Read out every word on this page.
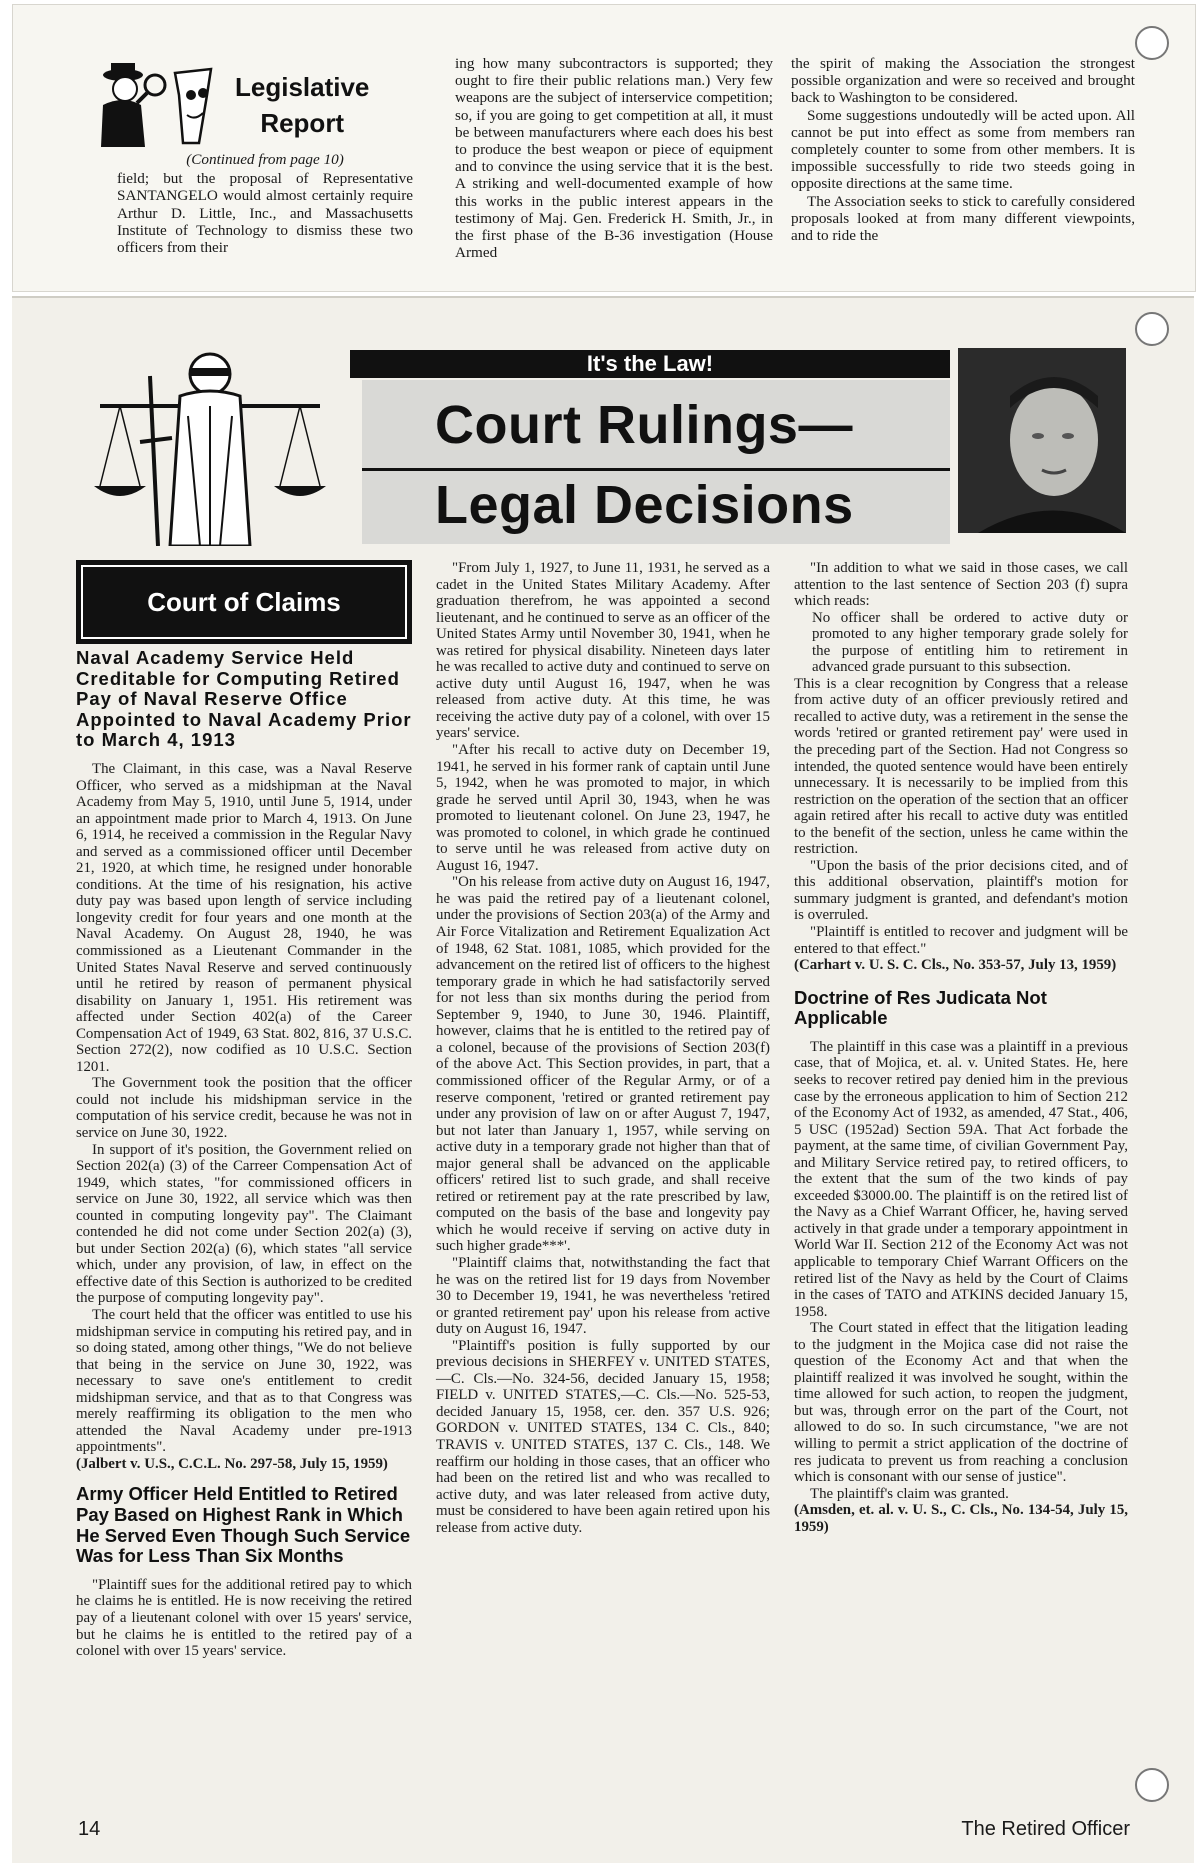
Legislative
Report
(Continued from page 10)
field; but the proposal of Representative SANTANGELO would almost certainly require Arthur D. Little, Inc., and Massachusetts Institute of Technology to dismiss these two officers from their
ing how many subcontractors is supported; they ought to fire their public relations man.) Very few weapons are the subject of interservice competition; so, if you are going to get competition at all, it must be between manufacturers where each does his best to produce the best weapon or piece of equipment and to convince the using service that it is the best. A striking and well-documented example of how this works in the public interest appears in the testimony of Maj. Gen. Frederick H. Smith, Jr., in the first phase of the B-36 investigation (House Armed
the spirit of making the Association the strongest possible organization and were so received and brought back to Washington to be considered.
Some suggestions undoutedly will be acted upon. All cannot be put into effect as some from members ran completely counter to some from other members. It is impossible successfully to ride two steeds going in opposite directions at the same time.
The Association seeks to stick to carefully considered proposals looked at from many different viewpoints, and to ride the
It's the Law!
Court Rulings—
Legal Decisions
Court of Claims
Naval Academy Service Held Creditable for Computing Retired Pay of Naval Reserve Office Appointed to Naval Academy Prior to March 4, 1913

The Claimant, in this case, was a Naval Reserve Officer, who served as a midshipman at the Naval Academy from May 5, 1910, until June 5, 1914, under an appointment made prior to March 4, 1913. On June 6, 1914, he received a commission in the Regular Navy and served as a commissioned officer until December 21, 1920, at which time, he resigned under honorable conditions. At the time of his resignation, his active duty pay was based upon length of service including longevity credit for four years and one month at the Naval Academy. On August 28, 1940, he was commissioned as a Lieutenant Commander in the United States Naval Reserve and served continuously until he retired by reason of permanent physical disability on January 1, 1951. His retirement was affected under Section 402(a) of the Career Compensation Act of 1949, 63 Stat. 802, 816, 37 U.S.C. Section 272(2), now codified as 10 U.S.C. Section 1201.

The Government took the position that the officer could not include his midshipman service in the computation of his service credit, because he was not in service on June 30, 1922.

In support of it's position, the Government relied on Section 202(a) (3) of the Carreer Compensation Act of 1949, which states, "for commissioned officers in service on June 30, 1922, all service which was then counted in computing longevity pay". The Claimant contended he did not come under Section 202(a) (3), but under Section 202(a) (6), which states "all service which, under any provision, of law, in effect on the effective date of this Section is authorized to be credited the purpose of computing longevity pay".

The court held that the officer was entitled to use his midshipman service in computing his retired pay, and in so doing stated, among other things, "We do not believe that being in the service on June 30, 1922, was necessary to save one's entitlement to credit midshipman service, and that as to that Congress was merely reaffirming its obligation to the men who attended the Naval Academy under pre-1913 appointments".

(Jalbert v. U.S., C.C.L. No. 297-58, July 15, 1959)

Army Officer Held Entitled to Retired Pay Based on Highest Rank in Which He Served Even Though Such Service Was for Less Than Six Months

"Plaintiff sues for the additional retired pay to which he claims he is entitled. He is now receiving the retired pay of a lieutenant colonel with over 15 years' service, but he claims he is entitled to the retired pay of a colonel with over 15 years' service.

"From July 1, 1927, to June 11, 1931, he served as a cadet in the United States Military Academy. After graduation therefrom, he was appointed a second lieutenant, and he continued to serve as an officer of the United States Army until November 30, 1941, when he was retired for physical disability. Nineteen days later he was recalled to active duty and continued to serve on active duty until August 16, 1947, when he was released from active duty. At this time, he was receiving the active duty pay of a colonel, with over 15 years' service.

"After his recall to active duty on December 19, 1941, he served in his former rank of captain until June 5, 1942, when he was promoted to major, in which grade he served until April 30, 1943, when he was promoted to lieutenant colonel. On June 23, 1947, he was promoted to colonel, in which grade he continued to serve until he was released from active duty on August 16, 1947.

"On his release from active duty on August 16, 1947, he was paid the retired pay of a lieutenant colonel, under the provisions of Section 203(a) of the Army and Air Force Vitalization and Retirement Equalization Act of 1948, 62 Stat. 1081, 1085, which provided for the advancement on the retired list of officers to the highest temporary grade in which he had satisfactorily served for not less than six months during the period from September 9, 1940, to June 30, 1946. Plaintiff, however, claims that he is entitled to the retired pay of a colonel, because of the provisions of Section 203(f) of the above Act. This Section provides, in part, that a commissioned officer of the Regular Army, or of a reserve component, 'retired or granted retirement pay under any provision of law on or after August 7, 1947, but not later than January 1, 1957, while serving on active duty in a temporary grade not higher than that of major general shall be advanced on the applicable officers' retired list to such grade, and shall receive retired or retirement pay at the rate prescribed by law, computed on the basis of the base and longevity pay which he would receive if serving on active duty in such higher grade***'.

"Plaintiff claims that, notwithstanding the fact that he was on the retired list for 19 days from November 30 to December 19, 1941, he was nevertheless 'retired or granted retirement pay' upon his release from active duty on August 16, 1947.

"Plaintiff's position is fully supported by our previous decisions in SHERFEY v. UNITED STATES,—C. Cls.—No. 324-56, decided January 15, 1958; FIELD v. UNITED STATES,—C. Cls.—No. 525-53, decided January 15, 1958, cer. den. 357 U.S. 926; GORDON v. UNITED STATES, 134 C. Cls., 840; TRAVIS v. UNITED STATES, 137 C. Cls., 148. We reaffirm our holding in those cases, that an officer who had been on the retired list and who was recalled to active duty, and was later released from active duty, must be considered to have been again retired upon his release from active duty.

"In addition to what we said in those cases, we call attention to the last sentence of Section 203 (f) supra which reads:

No officer shall be ordered to active duty or promoted to any higher temporary grade solely for the purpose of entitling him to retirement in advanced grade pursuant to this subsection.

This is a clear recognition by Congress that a release from active duty of an officer previously retired and recalled to active duty, was a retirement in the sense the words 'retired or granted retirement pay' were used in the preceding part of the Section. Had not Congress so intended, the quoted sentence would have been entirely unnecessary. It is necessarily to be implied from this restriction on the operation of the section that an officer again retired after his recall to active duty was entitled to the benefit of the section, unless he came within the restriction.

"Upon the basis of the prior decisions cited, and of this additional observation, plaintiff's motion for summary judgment is granted, and defendant's motion is overruled.

"Plaintiff is entitled to recover and judgment will be entered to that effect."

(Carhart v. U. S. C. Cls., No. 353-57, July 13, 1959)

Doctrine of Res Judicata Not Applicable

The plaintiff in this case was a plaintiff in a previous case, that of Mojica, et. al. v. United States. He, here seeks to recover retired pay denied him in the previous case by the erroneous application to him of Section 212 of the Economy Act of 1932, as amended, 47 Stat., 406, 5 USC (1952ad) Section 59A. That Act forbade the payment, at the same time, of civilian Government Pay, and Military Service retired pay, to retired officers, to the extent that the sum of the two kinds of pay exceeded $3000.00. The plaintiff is on the retired list of the Navy as a Chief Warrant Officer, he, having served actively in that grade under a temporary appointment in World War II. Section 212 of the Economy Act was not applicable to temporary Chief Warrant Officers on the retired list of the Navy as held by the Court of Claims in the cases of TATO and ATKINS decided January 15, 1958.

The Court stated in effect that the litigation leading to the judgment in the Mojica case did not raise the question of the Economy Act and that when the plaintiff realized it was involved he sought, within the time allowed for such action, to reopen the judgment, but was, through error on the part of the Court, not allowed to do so. In such circumstance, "we are not willing to permit a strict application of the doctrine of res judicata to prevent us from reaching a conclusion which is consonant with our sense of justice".

The plaintiff's claim was granted.

(Amsden, et. al. v. U. S., C. Cls., No. 134-54, July 15, 1959)

14	The Retired Officer
